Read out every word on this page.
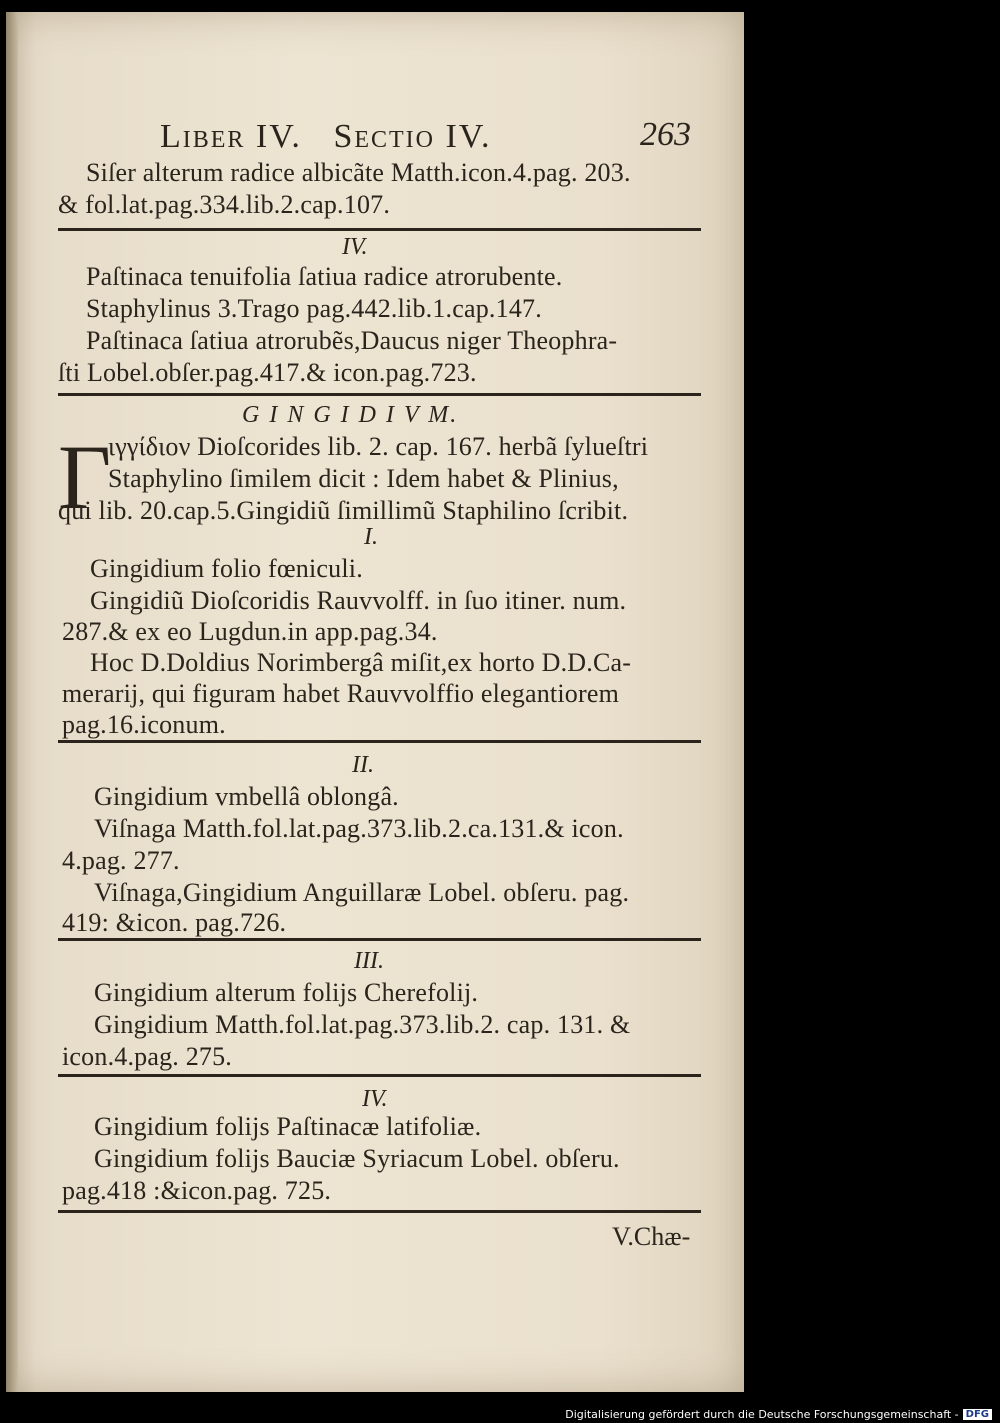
Liber IV. Sectio IV.	263
Siſer alterum radice albicãte Matth.icon.4.pag. 203.
& fol.lat.pag.334.lib.2.cap.107.
IV.
Paſtinaca tenuifolia ſatiua radice atrorubente.
Staphylinus 3.Trago pag.442.lib.1.cap.147.
Paſtinaca ſatiua atrorubẽs,Daucus niger Theophra-
ſti Lobel.obſer.pag.417.& icon.pag.723.
G I N G I D I V M.
Γ
ιγγίδιον Dioſcorides lib. 2. cap. 167. herbã ſylueſtri
Staphylino ſimilem dicit : Idem habet & Plinius,
qui lib. 20.cap.5.Gingidiũ ſimillimũ Staphilino ſcribit.
I.
Gingidium folio fœniculi.
Gingidiũ Dioſcoridis Rauvvolff. in ſuo itiner. num.
287.& ex eo Lugdun.in app.pag.34.
Hoc D.Doldius Norimbergâ miſit,ex horto D.D.Ca-
merarij, qui figuram habet Rauvvolffio elegantiorem
pag.16.iconum.
II.
Gingidium vmbellâ oblongâ.
Viſnaga Matth.fol.lat.pag.373.lib.2.ca.131.& icon.
4.pag. 277.
Viſnaga,Gingidium Anguillaræ Lobel. obſeru. pag.
419: &icon. pag.726.
III.
Gingidium alterum folijs Cherefolij.
Gingidium Matth.fol.lat.pag.373.lib.2. cap. 131. &
icon.4.pag. 275.
IV.
Gingidium folijs Paſtinacæ latifoliæ.
Gingidium folijs Bauciæ Syriacum Lobel. obſeru.
pag.418 :&icon.pag. 725.
V.Chæ-
Digitalisierung gefördert durch die Deutsche Forschungsgemeinschaft - DFG
